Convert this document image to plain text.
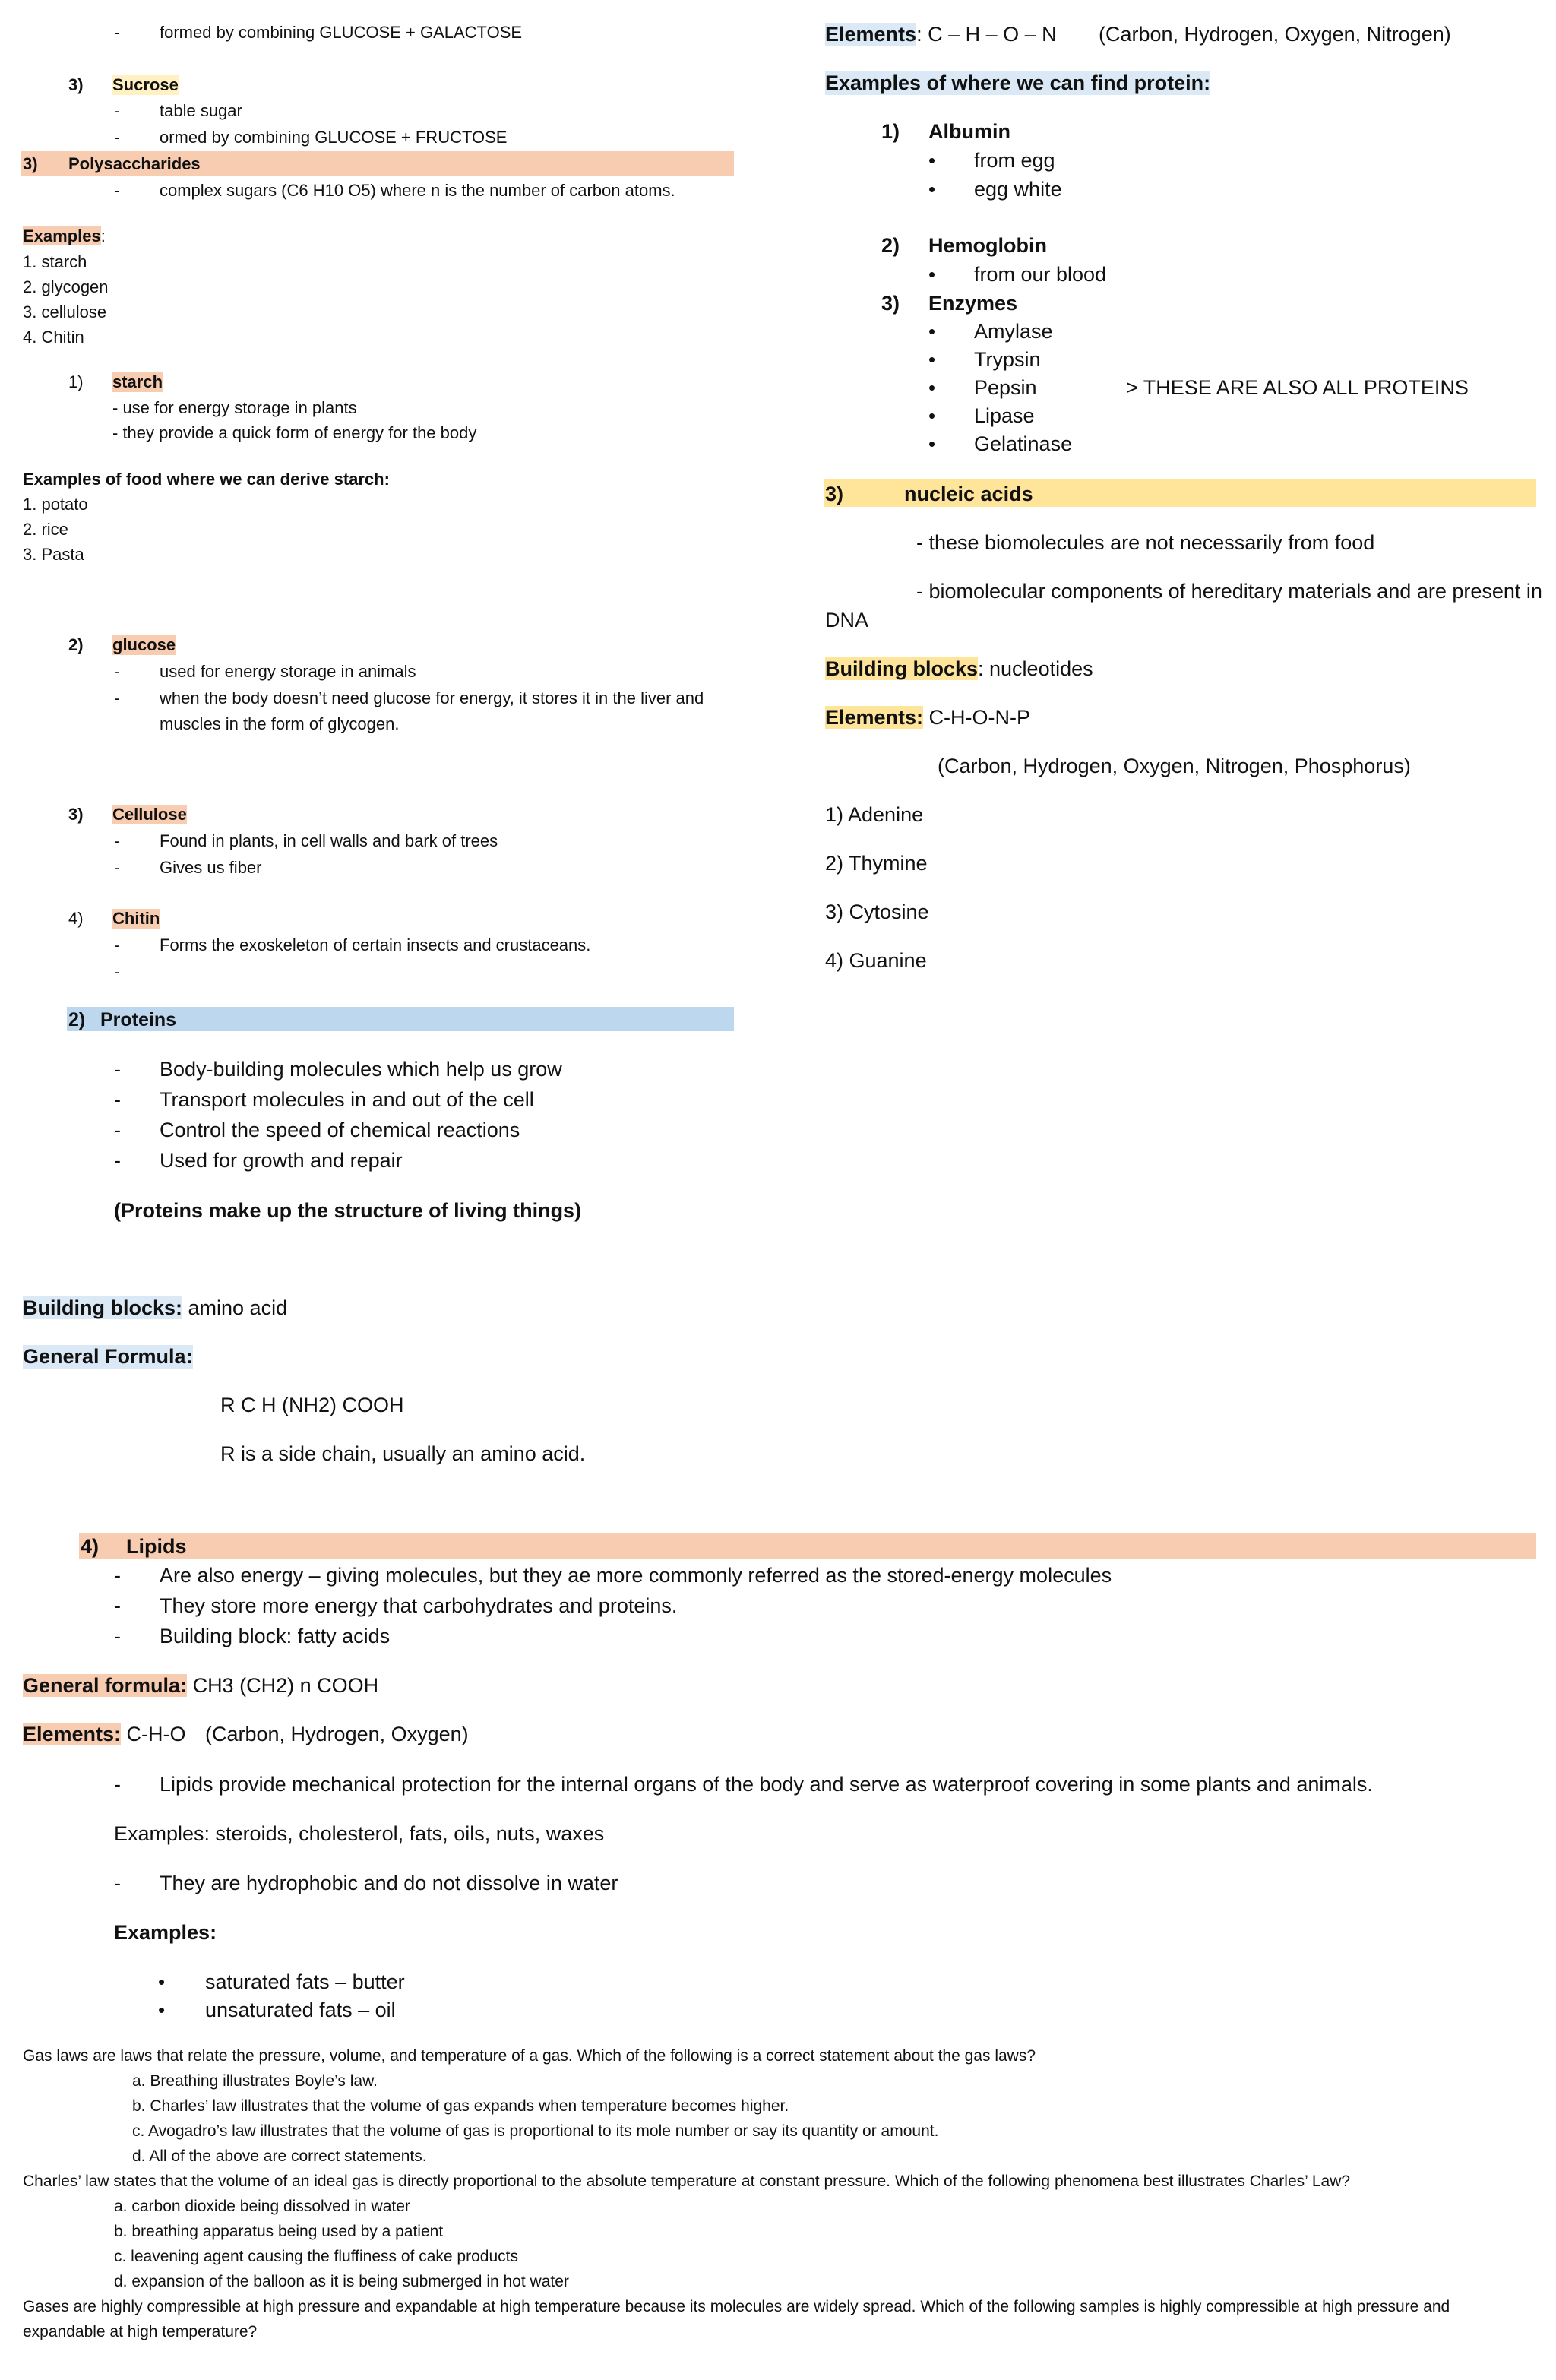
- formed by combining GLUCOSE + GALACTOSE
3) Sucrose
- table sugar
- ormed by combining GLUCOSE + FRUCTOSE
3) Polysaccharides
- complex sugars (C6 H10 O5) where n is the number of carbon atoms.
Examples:
1. starch
2. glycogen
3. cellulose
4. Chitin
1) starch
- use for energy storage in plants
- they provide a quick form of energy for the body
Examples of food where we can derive starch:
1. potato
2. rice
3. Pasta
2) glucose
- used for energy storage in animals
- when the body doesn’t need glucose for energy, it stores it in the liver and
muscles in the form of glycogen.
3) Cellulose
- Found in plants, in cell walls and bark of trees
- Gives us fiber
4) Chitin
- Forms the exoskeleton of certain insects and crustaceans.
-
2) Proteins
- Body-building molecules which help us grow
- Transport molecules in and out of the cell
- Control the speed of chemical reactions
- Used for growth and repair
(Proteins make up the structure of living things)
Building blocks: amino acid
General Formula:
R C H (NH2) COOH
R is a side chain, usually an amino acid.
Elements: C – H – O – N (Carbon, Hydrogen, Oxygen, Nitrogen)
Examples of where we can find protein:
1) Albumin
• from egg
• egg white
2) Hemoglobin
• from our blood
3) Enzymes
• Amylase
• Trypsin
• Pepsin	> THESE ARE ALSO ALL PROTEINS
• Lipase
• Gelatinase
3)	nucleic acids
- these biomolecules are not necessarily from food
- biomolecular components of hereditary materials and are present in
DNA
Building blocks: nucleotides
Elements: C-H-O-N-P
(Carbon, Hydrogen, Oxygen, Nitrogen, Phosphorus)
1) Adenine
2) Thymine
3) Cytosine
4) Guanine
4) Lipids
- Are also energy – giving molecules, but they ae more commonly referred as the stored-energy molecules
- They store more energy that carbohydrates and proteins.
- Building block: fatty acids
General formula: CH3 (CH2) n COOH
Elements: C-H-O (Carbon, Hydrogen, Oxygen)
- Lipids provide mechanical protection for the internal organs of the body and serve as waterproof covering in some plants and animals.
Examples: steroids, cholesterol, fats, oils, nuts, waxes
- They are hydrophobic and do not dissolve in water
Examples:
• saturated fats – butter
• unsaturated fats – oil
Gas laws are laws that relate the pressure, volume, and temperature of a gas. Which of the following is a correct statement about the gas laws?
a. Breathing illustrates Boyle’s law.
b. Charles’ law illustrates that the volume of gas expands when temperature becomes higher.
c. Avogadro’s law illustrates that the volume of gas is proportional to its mole number or say its quantity or amount.
d. All of the above are correct statements.
Charles’ law states that the volume of an ideal gas is directly proportional to the absolute temperature at constant pressure. Which of the following phenomena best illustrates Charles’ Law?
a. carbon dioxide being dissolved in water
b. breathing apparatus being used by a patient
c. leavening agent causing the fluffiness of cake products
d. expansion of the balloon as it is being submerged in hot water
Gases are highly compressible at high pressure and expandable at high temperature because its molecules are widely spread. Which of the following samples is highly compressible at high pressure and
expandable at high temperature?
